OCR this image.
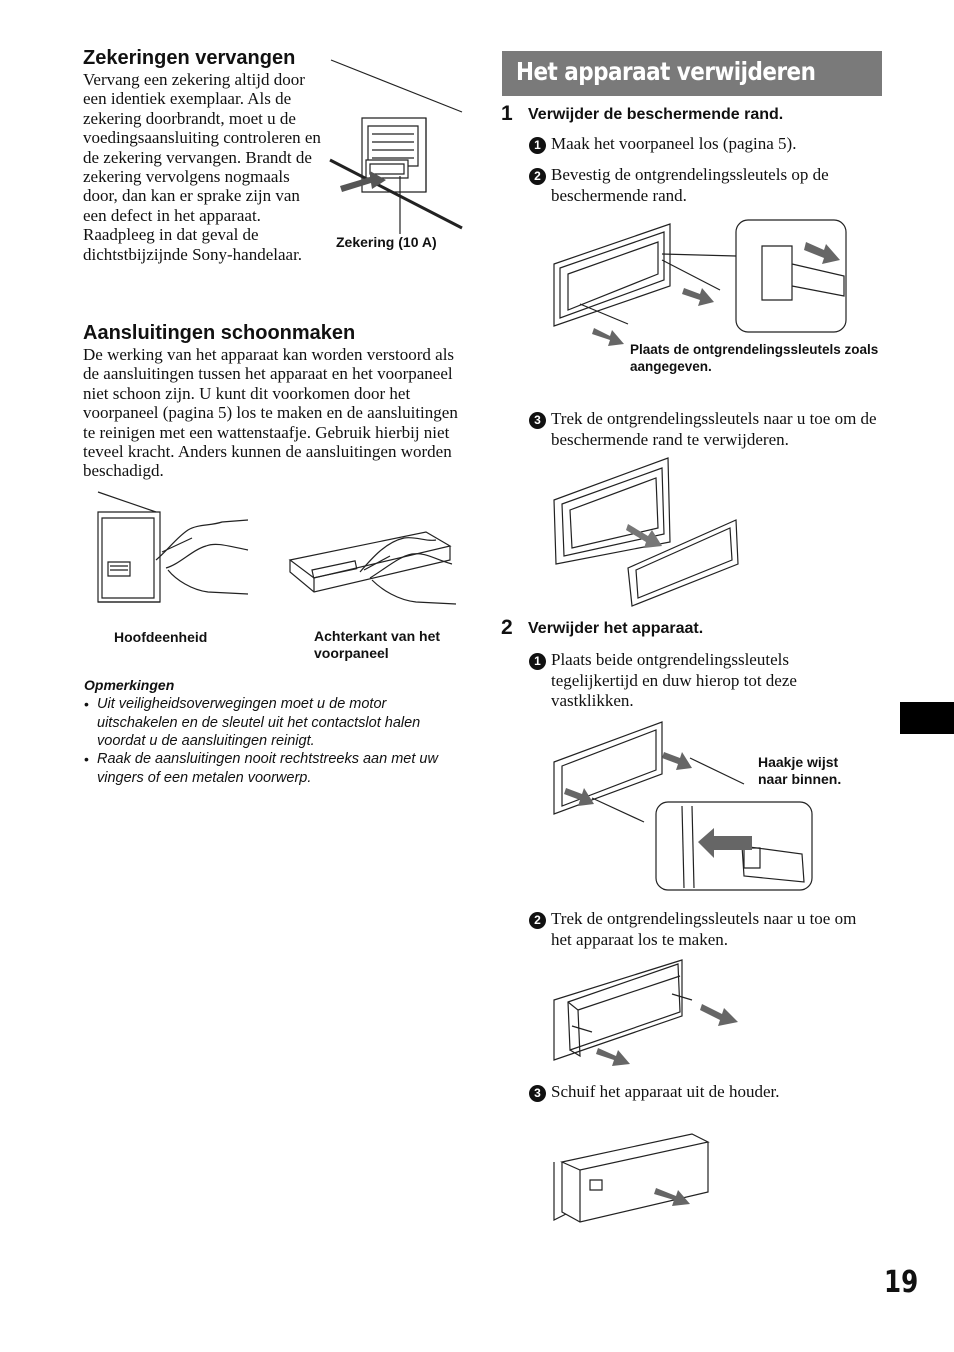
Zekeringen vervangen

Vervang een zekering altijd door een identiek exemplaar. Als de zekering doorbrandt, moet u de voedingsaansluiting controleren en de zekering vervangen. Brandt de zekering vervolgens nogmaals door, dan kan er sprake zijn van een defect in het apparaat. Raadpleeg in dat geval de dichtstbijzijnde Sony-handelaar.

Zekering (10 A)

Aansluitingen schoonmaken

De werking van het apparaat kan worden verstoord als de aansluitingen tussen het apparaat en het voorpaneel niet schoon zijn. U kunt dit voorkomen door het voorpaneel (pagina 5) los te maken en de aansluitingen te reinigen met een wattenstaafje. Gebruik hierbij niet teveel kracht. Anders kunnen de aansluitingen worden beschadigd.

Hoofdeenheid	Achterkant van het voorpaneel

Opmerkingen
• Uit veiligheidsoverwegingen moet u de motor uitschakelen en de sleutel uit het contactslot halen voordat u de aansluitingen reinigt.
• Raak de aansluitingen nooit rechtstreeks aan met uw vingers of een metalen voorwerp.
Het apparaat verwijderen
1 Verwijder de beschermende rand.
1 Maak het voorpaneel los (pagina 5).
2 Bevestig de ontgrendelingssleutels op de beschermende rand.

Plaats de ontgrendelingssleutels zoals aangegeven.

3 Trek de ontgrendelingssleutels naar u toe om de beschermende rand te verwijderen.
2 Verwijder het apparaat.
1 Plaats beide ontgrendelingssleutels tegelijkertijd en duw hierop tot deze vastklikken.

Haakje wijst naar binnen.

2 Trek de ontgrendelingssleutels naar u toe om het apparaat los te maken.
3 Schuif het apparaat uit de houder.
19
